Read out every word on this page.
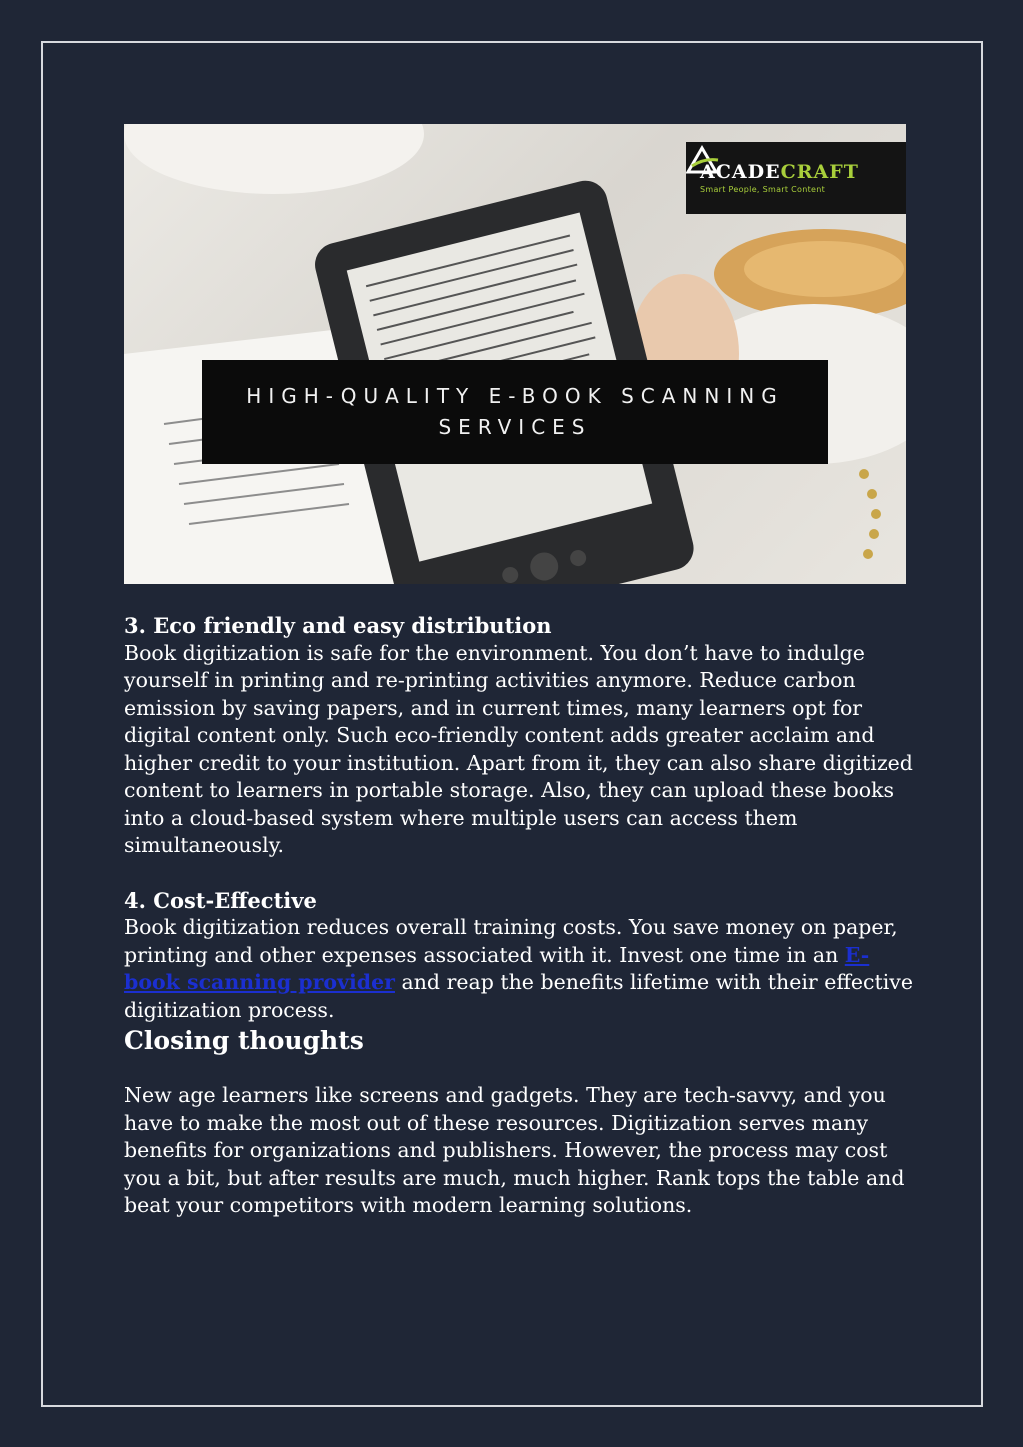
ACADECRAFT
Smart People, Smart Content
HIGH-QUALITY E-BOOK SCANNING
SERVICES
3. Eco friendly and easy distribution

Book digitization is safe for the environment. You don’t have to indulge yourself in printing and re-printing activities anymore. Reduce carbon emission by saving papers, and in current times, many learners opt for digital content only. Such eco-friendly content adds greater acclaim and higher credit to your institution. Apart from it, they can also share digitized content to learners in portable storage. Also, they can upload these books into a cloud-based system where multiple users can access them simultaneously.

4. Cost-Effective

Book digitization reduces overall training costs. You save money on paper, printing and other expenses associated with it. Invest one time in an E-book scanning provider and reap the benefits lifetime with their effective digitization process.

Closing thoughts

New age learners like screens and gadgets. They are tech-savvy, and you have to make the most out of these resources. Digitization serves many benefits for organizations and publishers. However, the process may cost you a bit, but after results are much, much higher. Rank tops the table and beat your competitors with modern learning solutions.
